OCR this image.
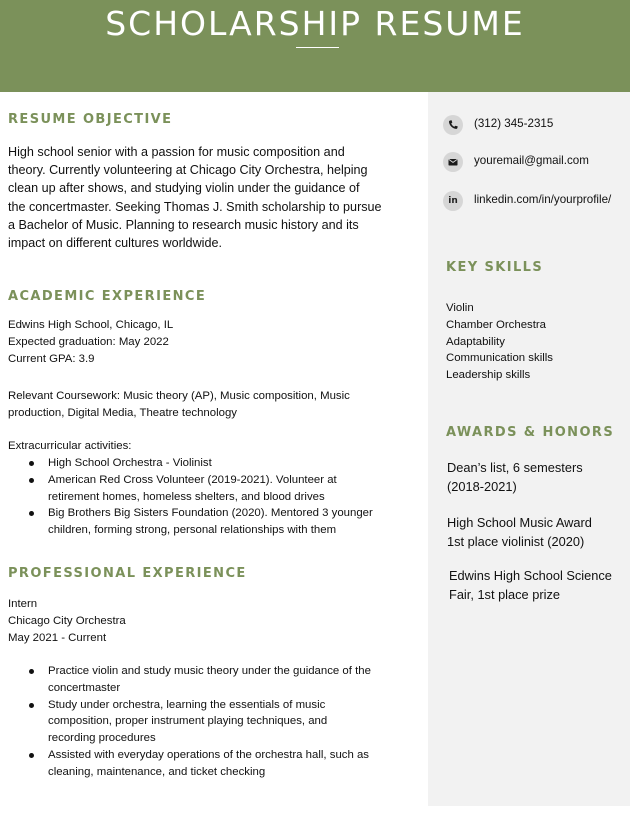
SCHOLARSHIP RESUME
RESUME OBJECTIVE
High school senior with a passion for music composition and
theory. Currently volunteering at Chicago City Orchestra, helping
clean up after shows, and studying violin under the guidance of
the concertmaster. Seeking Thomas J. Smith scholarship to pursue
a Bachelor of Music. Planning to research music history and its
impact on different cultures worldwide.
ACADEMIC EXPERIENCE
Edwins High School, Chicago, IL
Expected graduation: May 2022
Current GPA: 3.9
Relevant Coursework: Music theory (AP), Music composition, Music
production, Digital Media, Theatre technology
Extracurricular activities:
High School Orchestra - Violinist
American Red Cross Volunteer (2019-2021). Volunteer at
retirement homes, homeless shelters, and blood drives
Big Brothers Big Sisters Foundation (2020). Mentored 3 younger
children, forming strong, personal relationships with them
PROFESSIONAL EXPERIENCE
Intern
Chicago City Orchestra
May 2021 - Current
Practice violin and study music theory under the guidance of the
concertmaster
Study under orchestra, learning the essentials of music
composition, proper instrument playing techniques, and
recording procedures
Assisted with everyday operations of the orchestra hall, such as
cleaning, maintenance, and ticket checking
(312) 345-2315
youremail@gmail.com
in	linkedin.com/in/yourprofile/
KEY SKILLS
Violin
Chamber Orchestra
Adaptability
Communication skills
Leadership skills
AWARDS & HONORS
Dean’s list, 6 semesters
(2018-2021)
High School Music Award
1st place violinist (2020)
Edwins High School Science
Fair, 1st place prize
